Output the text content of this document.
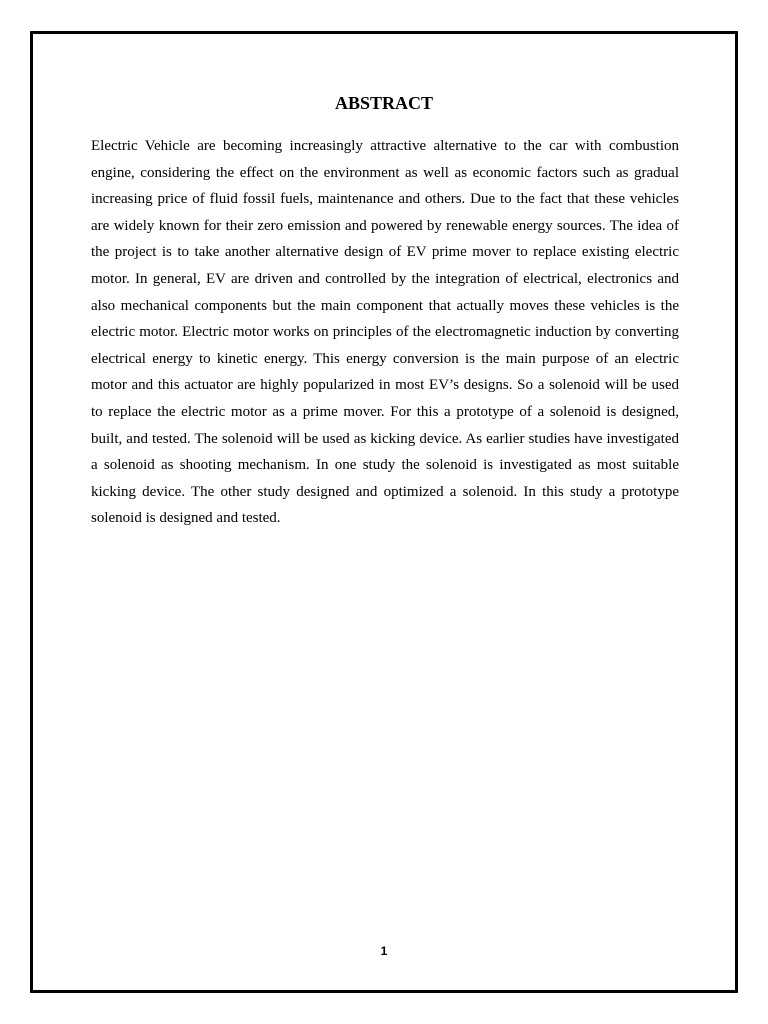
ABSTRACT

Electric Vehicle are becoming increasingly attractive alternative to the car with combustion engine, considering the effect on the environment as well as economic factors such as gradual increasing price of fluid fossil fuels, maintenance and others. Due to the fact that these vehicles are widely known for their zero emission and powered by renewable energy sources. The idea of the project is to take another alternative design of EV prime mover to replace existing electric motor. In general, EV are driven and controlled by the integration of electrical, electronics and also mechanical components but the main component that actually moves these vehicles is the electric motor. Electric motor works on principles of the electromagnetic induction by converting electrical energy to kinetic energy. This energy conversion is the main purpose of an electric motor and this actuator are highly popularized in most EV’s designs. So a solenoid will be used to replace the electric motor as a prime mover. For this a prototype of a solenoid is designed, built, and tested. The solenoid will be used as kicking device. As earlier studies have investigated a solenoid as shooting mechanism. In one study the solenoid is investigated as most suitable kicking device. The other study designed and optimized a solenoid. In this study a prototype solenoid is designed and tested.

1
